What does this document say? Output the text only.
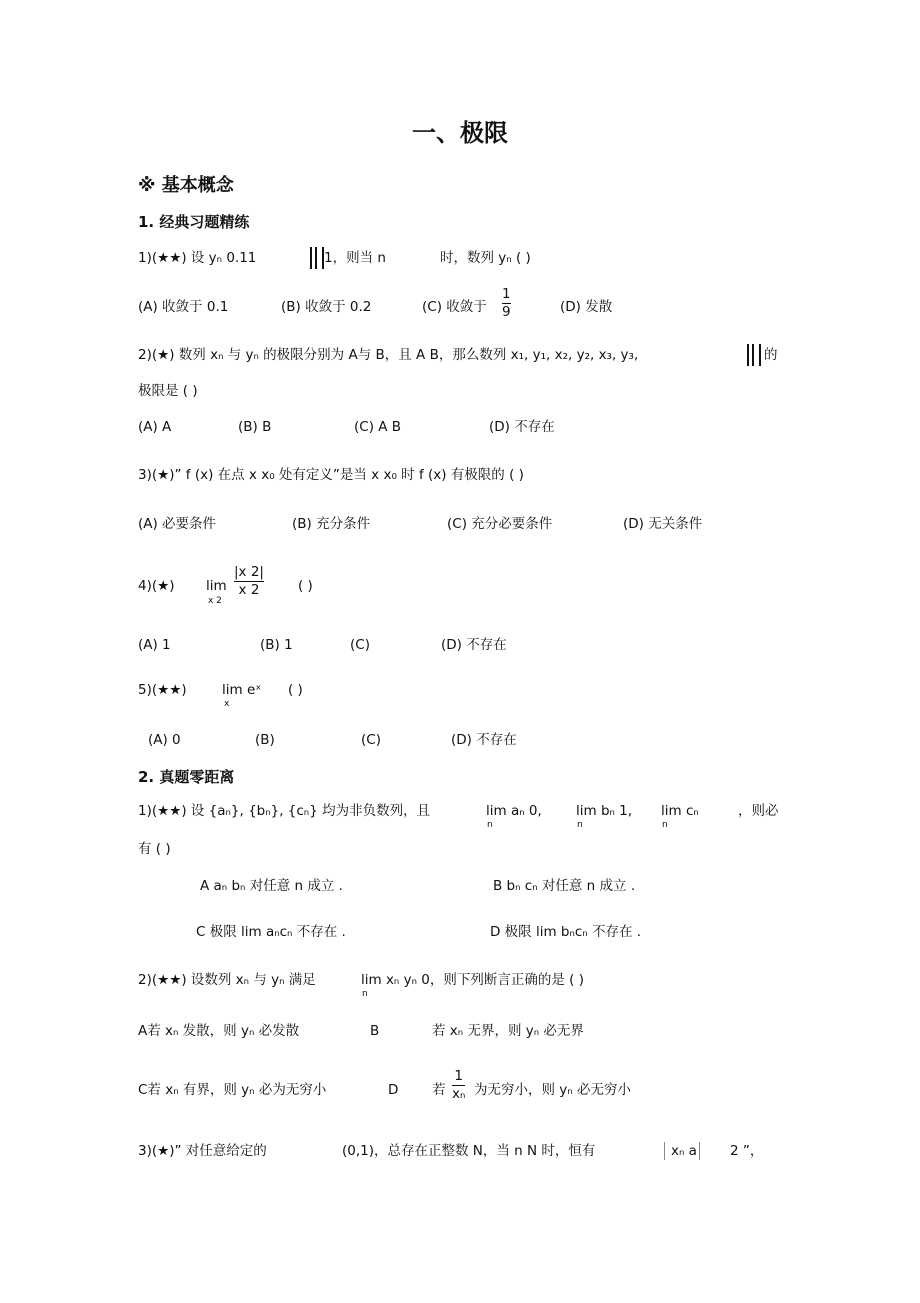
一、极限
※ 基本概念
1. 经典习题精练
1)(★★) 设 yₙ 0.11	1，则当 n	时，数列 yₙ ( )
(A) 收敛于 0.1	(B) 收敛于 0.2	(C) 收敛于
1
9	(D) 发散
2)(★) 数列 xₙ 与 yₙ 的极限分别为 A与 B，且 A B，那么数列 x₁, y₁, x₂, y₂, x₃, y₃,	的
极限是 ( )
(A) A	(B) B	(C) A B	(D) 不存在
3)(★)” f (x) 在点 x x₀ 处有定义”是当 x x₀ 时 f (x) 有极限的 ( )
(A) 必要条件	(B) 充分条件	(C) 充分必要条件	(D) 无关条件
4)(★) lim
x 2
|x 2|
x 2	( )
(A) 1	(B) 1	(C)	(D) 不存在
5)(★★)	lim eˣ
x
( )
(A) 0	(B)	(C)	(D) 不存在
2. 真题零距离
1)(★★) 设 {aₙ}, {bₙ}, {cₙ} 均为非负数列，且	lim aₙ 0,	lim bₙ 1, lim cₙ
n	n	n
，则必
有 ( )
A aₙ bₙ 对任意 n 成立 .	B bₙ cₙ 对任意 n 成立 .
C 极限 lim aₙcₙ 不存在 .	D 极限 lim bₙcₙ 不存在 .
2)(★★) 设数列 xₙ 与 yₙ 满足	lim xₙ yₙ 0，则下列断言正确的是 ( )
n
A若 xₙ 发散，则 yₙ 必发散	B	若 xₙ 无界，则 yₙ 必无界
C若 xₙ 有界，则 yₙ 必为无穷小	D 若
1
xₙ 为无穷小，则 yₙ 必无穷小
3)(★)” 对任意给定的	(0,1)，总存在正整数 N，当 n N 时，恒有	xₙ a 2 ”，
